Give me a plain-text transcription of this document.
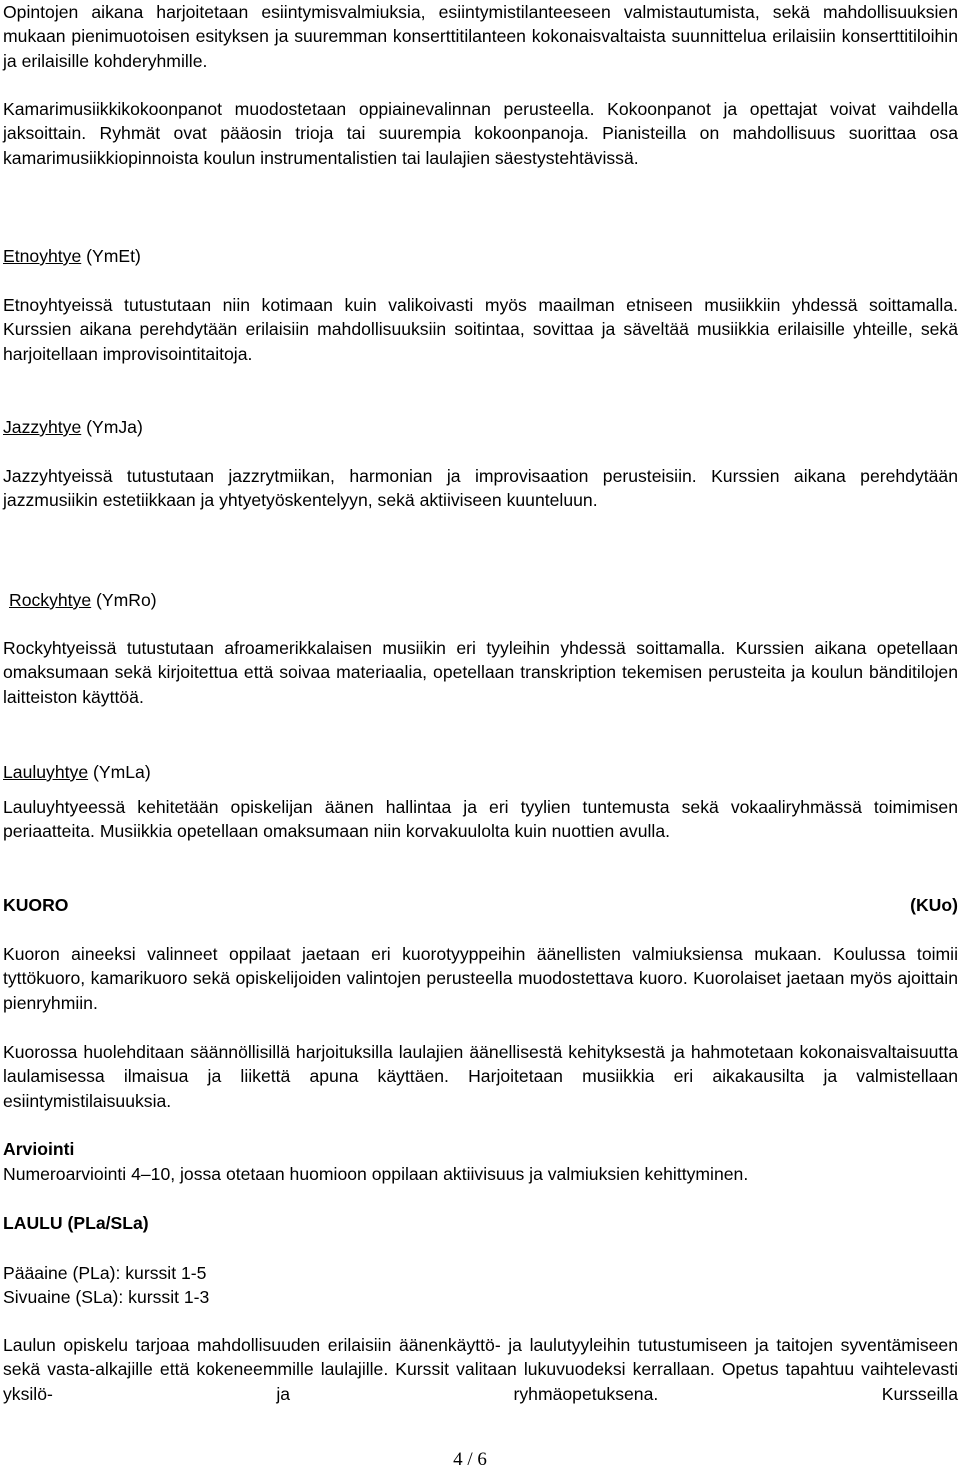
Opintojen aikana harjoitetaan esiintymisvalmiuksia, esiintymistilanteeseen valmistautumista, sekä mahdollisuuksien mukaan pienimuotoisen esityksen ja suuremman konserttitilanteen kokonaisvaltaista suunnittelua erilaisiin konserttitiloihin ja erilaisille kohderyhmille.

Kamarimusiikkikokoonpanot muodostetaan oppiainevalinnan perusteella. Kokoonpanot ja opettajat voivat vaihdella jaksoittain. Ryhmät ovat pääosin trioja tai suurempia kokoonpanoja. Pianisteilla on mahdollisuus suorittaa osa kamarimusiikkiopinnoista koulun instrumentalistien tai laulajien säestystehtävissä.

Etnoyhtye (YmEt)

Etnoyhtyeissä tutustutaan niin kotimaan kuin valikoivasti myös maailman etniseen musiikkiin yhdessä soittamalla. Kurssien aikana perehdytään erilaisiin mahdollisuuksiin soitintaa, sovittaa ja säveltää musiikkia erilaisille yhteille, sekä harjoitellaan improvisointitaitoja.

Jazzyhtye (YmJa)

Jazzyhtyeissä tutustutaan jazzrytmiikan, harmonian ja improvisaation perusteisiin. Kurssien aikana perehdytään jazzmusiikin estetiikkaan ja yhtyetyöskentelyyn, sekä aktiiviseen kuunteluun.

Rockyhtye (YmRo)

Rockyhtyeissä tutustutaan afroamerikkalaisen musiikin eri tyyleihin yhdessä soittamalla. Kurssien aikana opetellaan omaksumaan sekä kirjoitettua että soivaa materiaalia, opetellaan transkription tekemisen perusteita ja koulun bänditilojen laitteiston käyttöä.

Lauluyhtye (YmLa)

Lauluyhtyeessä kehitetään opiskelijan äänen hallintaa ja eri tyylien tuntemusta sekä vokaaliryhmässä toimimisen periaatteita. Musiikkia opetellaan omaksumaan niin korvakuulolta kuin nuottien avulla.

KUORO	(KUo)

Kuoron aineeksi valinneet oppilaat jaetaan eri kuorotyyppeihin äänellisten valmiuksiensa mukaan. Koulussa toimii tyttökuoro, kamarikuoro sekä opiskelijoiden valintojen perusteella muodostettava kuoro. Kuorolaiset jaetaan myös ajoittain pienryhmiin.

Kuorossa huolehditaan säännöllisillä harjoituksilla laulajien äänellisestä kehityksestä ja hahmotetaan kokonaisvaltaisuutta laulamisessa ilmaisua ja liikettä apuna käyttäen. Harjoitetaan musiikkia eri aikakausilta ja valmistellaan esiintymistilaisuuksia.

Arviointi

Numeroarviointi 4–10, jossa otetaan huomioon oppilaan aktiivisuus ja valmiuksien kehittyminen.

LAULU (PLa/SLa)
Pääaine (PLa): kurssit 1-5
Sivuaine (SLa): kurssit 1-3

Laulun opiskelu tarjoaa mahdollisuuden erilaisiin äänenkäyttö- ja laulutyyleihin tutustumiseen ja taitojen syventämiseen sekä vasta-alkajille että kokeneemmille laulajille. Kurssit valitaan lukuvuodeksi kerrallaan. Opetus tapahtuu vaihtelevasti yksilö- ja ryhmäopetuksena. Kursseilla

4 / 6
